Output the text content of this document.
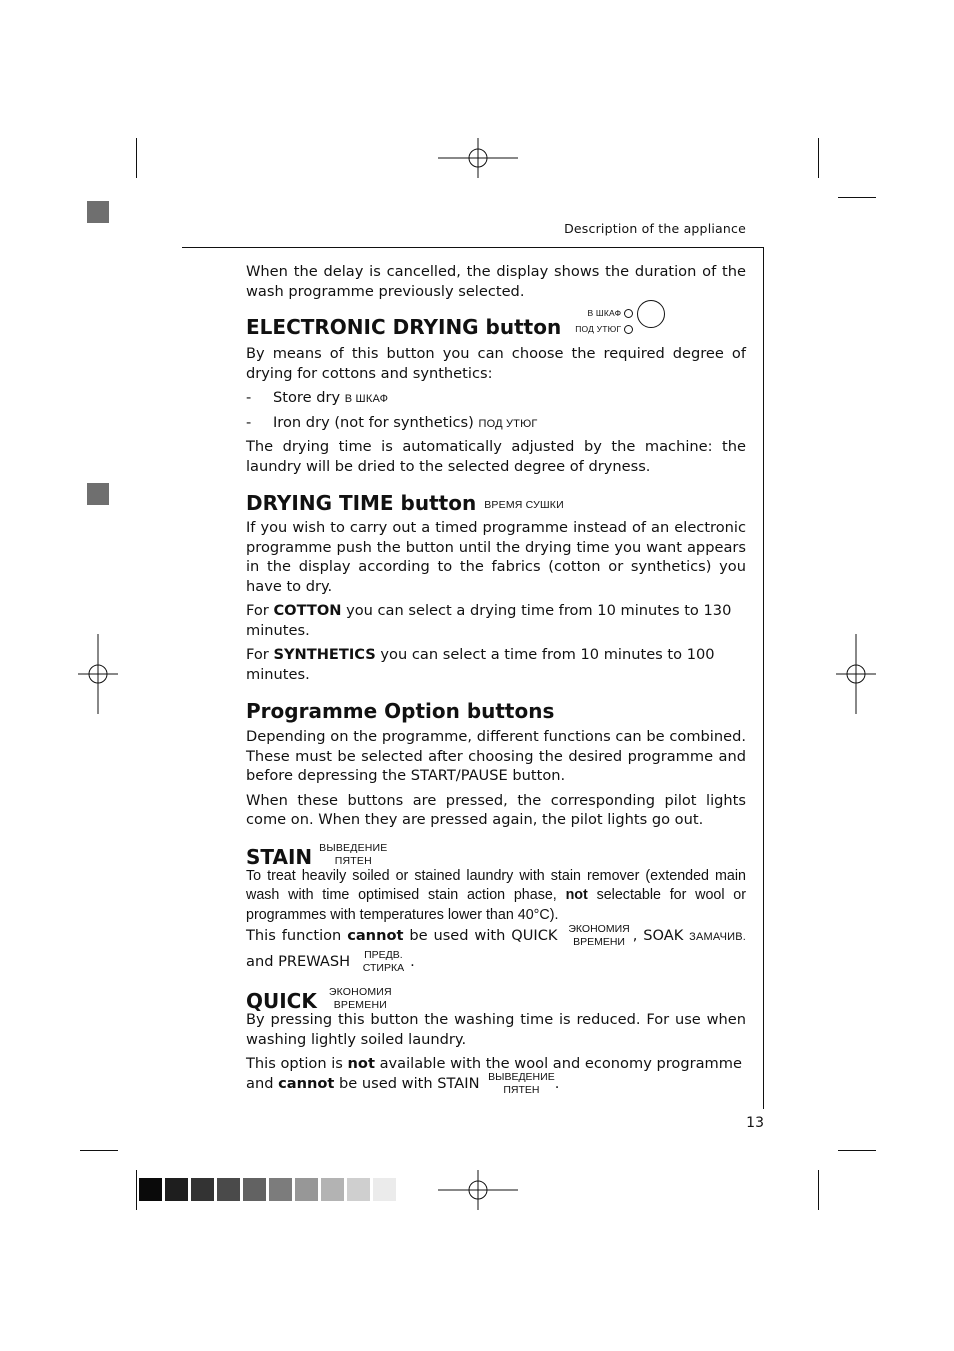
Description of the appliance

When the delay is cancelled, the display shows the duration of the wash programme previously selected.

ELECTRONIC DRYING button
В ШКАФ
ПОД УТЮГ

By means of this button you can choose the required degree of drying for cottons and synthetics:

-	Store dry В ШКАФ
-	Iron dry (not for synthetics) ПОД УТЮГ

The drying time is automatically adjusted by the machine: the laundry will be dried to the selected degree of dryness.

DRYING TIME button ВРЕМЯ СУШКИ

If you wish to carry out a timed programme instead of an electronic programme push the button until the drying time you want appears in the display according to the fabrics (cotton or synthetics) you have to dry.

For COTTON you can select a drying time from 10 minutes to 130 minutes.

For SYNTHETICS you can select a time from 10 minutes to 100 minutes.

Programme Option buttons

Depending on the programme, different functions can be combined. These must be selected after choosing the desired programme and before depressing the START/PAUSE button.

When these buttons are pressed, the corresponding pilot lights come on. When they are pressed again, the pilot lights go out.

STAIN ВЫВЕДЕНИЕ
ПЯТЕН

To treat heavily soiled or stained laundry with stain remover (extended main wash with time optimised stain action phase, not selectable for wool or programmes with temperatures lower than 40°C).

This function cannot be used with QUICK ЭКОНОМИЯ
ВРЕМЕНИ , SOAK ЗАМАЧИВ. and PREWASH ПРЕДВ.
СТИРКА .

QUICK ЭКОНОМИЯ
ВРЕМЕНИ

By pressing this button the washing time is reduced. For use when washing lightly soiled laundry.

This option is not available with the wool and economy programme and cannot be used with STAIN ВЫВЕДЕНИЕ
ПЯТЕН	.

13
